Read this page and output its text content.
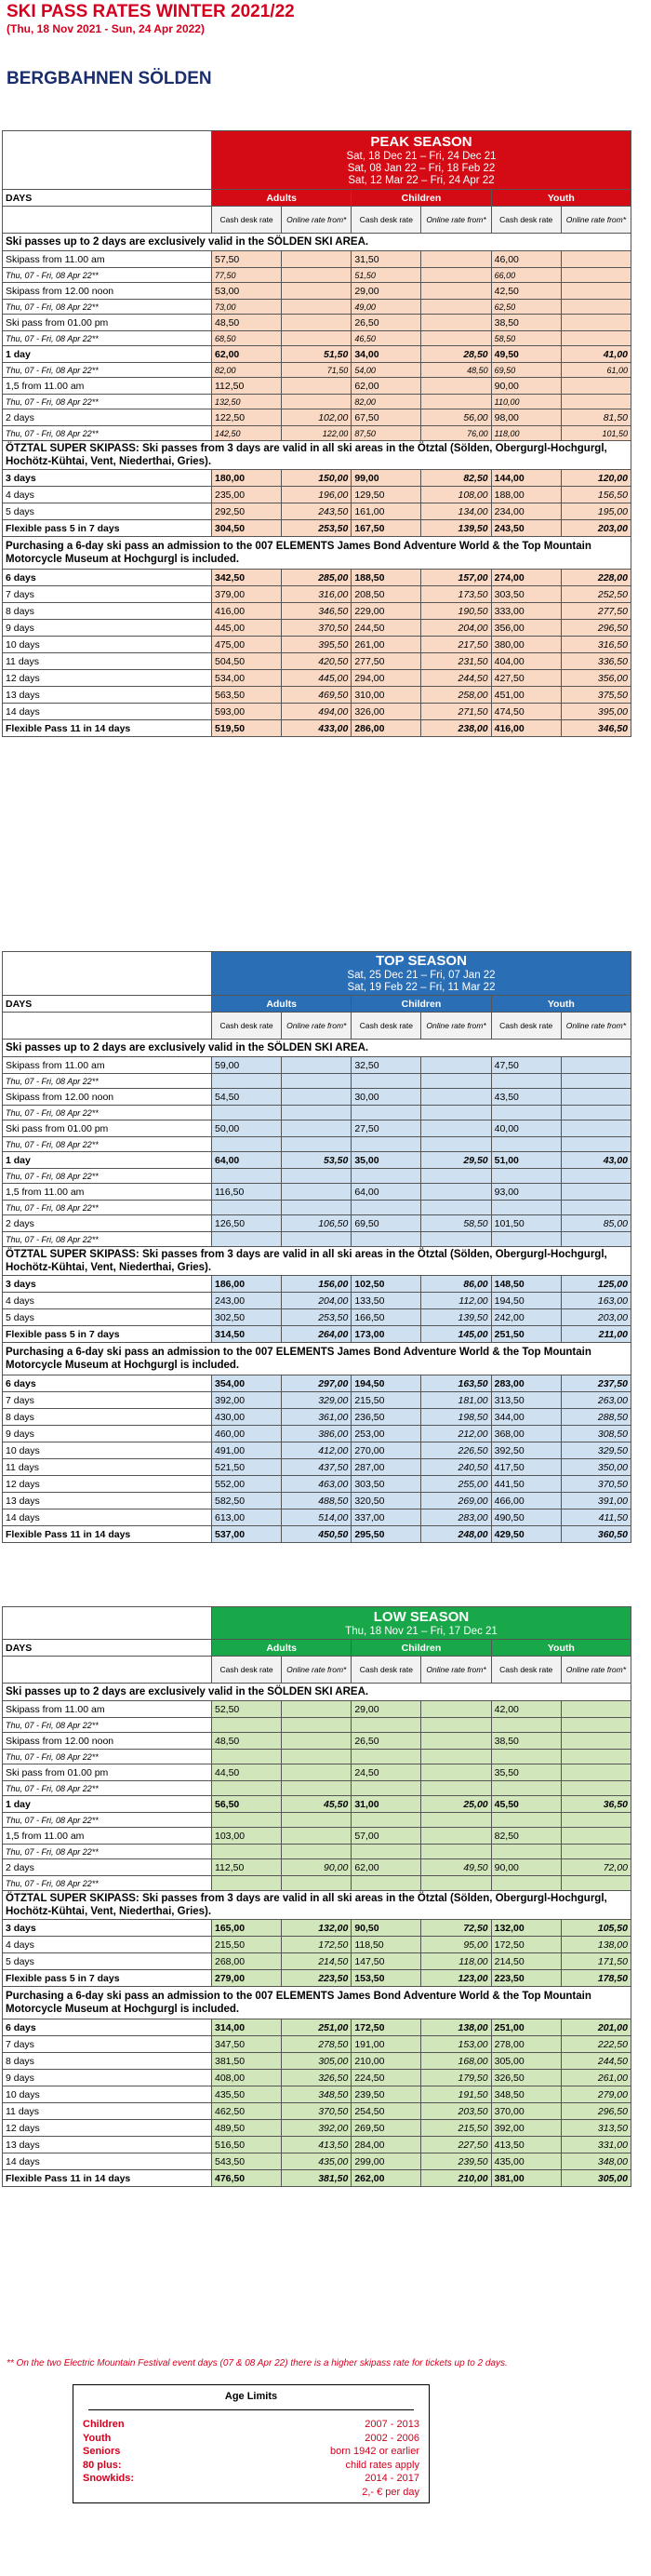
SKI PASS RATES WINTER 2021/22
(Thu, 18 Nov 2021 - Sun, 24 Apr 2022)
BERGBAHNEN SÖLDEN

	PEAK SEASON
Sat, 18 Dec 21 – Fri, 24 Dec 21
Sat, 08 Jan 22 – Fri, 18 Feb 22
Sat, 12 Mar 22 – Fri, 24 Apr 22					

DAYS	Adults		Children		Youth	
	Cash desk rate	Online rate from*	Cash desk rate	Online rate from*	Cash desk rate	Online rate from*
Ski passes up to 2 days are exclusively valid in the SÖLDEN SKI AREA.						
Skipass from 11.00 am	57,50		31,50		46,00	
Thu, 07 - Fri, 08 Apr 22**	77,50		51,50		66,00	
Skipass from 12.00 noon	53,00		29,00		42,50	
Thu, 07 - Fri, 08 Apr 22**	73,00		49,00		62,50	
Ski pass from 01.00 pm	48,50		26,50		38,50	
Thu, 07 - Fri, 08 Apr 22**	68,50		46,50		58,50	
1 day	62,00	51,50	34,00	28,50	49,50	41,00
Thu, 07 - Fri, 08 Apr 22**	82,00	71,50	54,00	48,50	69,50	61,00
1,5 from 11.00 am	112,50		62,00		90,00	
Thu, 07 - Fri, 08 Apr 22**	132,50		82,00		110,00	
2 days	122,50	102,00	67,50	56,00	98,00	81,50
Thu, 07 - Fri, 08 Apr 22**	142,50	122,00	87,50	76,00	118,00	101,50
ÖTZTAL SUPER SKIPASS: Ski passes from 3 days are valid in all ski areas in the Ötztal (Sölden, Obergurgl-Hochgurgl, Hochötz-Kühtai, Vent, Niederthai, Gries).						
3 days	180,00	150,00	99,00	82,50	144,00	120,00
4 days	235,00	196,00	129,50	108,00	188,00	156,50
5 days	292,50	243,50	161,00	134,00	234,00	195,00
Flexible pass 5 in 7 days	304,50	253,50	167,50	139,50	243,50	203,00
Purchasing a 6-day ski pass an admission to the 007 ELEMENTS James Bond Adventure World & the Top Mountain Motorcycle Museum at Hochgurgl is included.						
6 days	342,50	285,00	188,50	157,00	274,00	228,00
7 days	379,00	316,00	208,50	173,50	303,50	252,50
8 days	416,00	346,50	229,00	190,50	333,00	277,50
9 days	445,00	370,50	244,50	204,00	356,00	296,50
10 days	475,00	395,50	261,00	217,50	380,00	316,50
11 days	504,50	420,50	277,50	231,50	404,00	336,50
12 days	534,00	445,00	294,00	244,50	427,50	356,00
13 days	563,50	469,50	310,00	258,00	451,00	375,50
14 days	593,00	494,00	326,00	271,50	474,50	395,00
Flexible Pass 11 in 14 days	519,50	433,00	286,00	238,00	416,00	346,50

	TOP SEASON
Sat, 25 Dec 21 – Fri, 07 Jan 22
Sat, 19 Feb 22 – Fri, 11 Mar 22					

DAYS	Adults		Children		Youth	
	Cash desk rate	Online rate from*	Cash desk rate	Online rate from*	Cash desk rate	Online rate from*
Ski passes up to 2 days are exclusively valid in the SÖLDEN SKI AREA.						
Skipass from 11.00 am	59,00		32,50		47,50	
Thu, 07 - Fri, 08 Apr 22**						
Skipass from 12.00 noon	54,50		30,00		43,50	
Thu, 07 - Fri, 08 Apr 22**						
Ski pass from 01.00 pm	50,00		27,50		40,00	
Thu, 07 - Fri, 08 Apr 22**						
1 day	64,00	53,50	35,00	29,50	51,00	43,00
Thu, 07 - Fri, 08 Apr 22**						
1,5 from 11.00 am	116,50		64,00		93,00	
Thu, 07 - Fri, 08 Apr 22**						
2 days	126,50	106,50	69,50	58,50	101,50	85,00
Thu, 07 - Fri, 08 Apr 22**						
ÖTZTAL SUPER SKIPASS: Ski passes from 3 days are valid in all ski areas in the Ötztal (Sölden, Obergurgl-Hochgurgl, Hochötz-Kühtai, Vent, Niederthai, Gries).						
3 days	186,00	156,00	102,50	86,00	148,50	125,00
4 days	243,00	204,00	133,50	112,00	194,50	163,00
5 days	302,50	253,50	166,50	139,50	242,00	203,00
Flexible pass 5 in 7 days	314,50	264,00	173,00	145,00	251,50	211,00
Purchasing a 6-day ski pass an admission to the 007 ELEMENTS James Bond Adventure World & the Top Mountain Motorcycle Museum at Hochgurgl is included.						
6 days	354,00	297,00	194,50	163,50	283,00	237,50
7 days	392,00	329,00	215,50	181,00	313,50	263,00
8 days	430,00	361,00	236,50	198,50	344,00	288,50
9 days	460,00	386,00	253,00	212,00	368,00	308,50
10 days	491,00	412,00	270,00	226,50	392,50	329,50
11 days	521,50	437,50	287,00	240,50	417,50	350,00
12 days	552,00	463,00	303,50	255,00	441,50	370,50
13 days	582,50	488,50	320,50	269,00	466,00	391,00
14 days	613,00	514,00	337,00	283,00	490,50	411,50
Flexible Pass 11 in 14 days	537,00	450,50	295,50	248,00	429,50	360,50

	LOW SEASON
Thu, 18 Nov 21 – Fri, 17 Dec 21					

DAYS	Adults		Children		Youth	
	Cash desk rate	Online rate from*	Cash desk rate	Online rate from*	Cash desk rate	Online rate from*
Ski passes up to 2 days are exclusively valid in the SÖLDEN SKI AREA.						
Skipass from 11.00 am	52,50		29,00		42,00	
Thu, 07 - Fri, 08 Apr 22**						
Skipass from 12.00 noon	48,50		26,50		38,50	
Thu, 07 - Fri, 08 Apr 22**						
Ski pass from 01.00 pm	44,50		24,50		35,50	
Thu, 07 - Fri, 08 Apr 22**						
1 day	56,50	45,50	31,00	25,00	45,50	36,50
Thu, 07 - Fri, 08 Apr 22**						
1,5 from 11.00 am	103,00		57,00		82,50	
Thu, 07 - Fri, 08 Apr 22**						
2 days	112,50	90,00	62,00	49,50	90,00	72,00
Thu, 07 - Fri, 08 Apr 22**						
ÖTZTAL SUPER SKIPASS: Ski passes from 3 days are valid in all ski areas in the Ötztal (Sölden, Obergurgl-Hochgurgl, Hochötz-Kühtai, Vent, Niederthai, Gries).						
3 days	165,00	132,00	90,50	72,50	132,00	105,50
4 days	215,50	172,50	118,50	95,00	172,50	138,00
5 days	268,00	214,50	147,50	118,00	214,50	171,50
Flexible pass 5 in 7 days	279,00	223,50	153,50	123,00	223,50	178,50
Purchasing a 6-day ski pass an admission to the 007 ELEMENTS James Bond Adventure World & the Top Mountain Motorcycle Museum at Hochgurgl is included.						
6 days	314,00	251,00	172,50	138,00	251,00	201,00
7 days	347,50	278,50	191,00	153,00	278,00	222,50
8 days	381,50	305,00	210,00	168,00	305,00	244,50
9 days	408,00	326,50	224,50	179,50	326,50	261,00
10 days	435,50	348,50	239,50	191,50	348,50	279,00
11 days	462,50	370,50	254,50	203,50	370,00	296,50
12 days	489,50	392,00	269,50	215,50	392,00	313,50
13 days	516,50	413,50	284,00	227,50	413,50	331,00
14 days	543,50	435,00	299,00	239,50	435,00	348,00
Flexible Pass 11 in 14 days	476,50	381,50	262,00	210,00	381,00	305,00
** On the two Electric Mountain Festival event days (07 & 08 Apr 22) there is a higher skipass rate for tickets up to 2 days.
Age Limits
Children	2007 - 2013
Youth	2002 - 2006
Seniors	born 1942 or earlier
80 plus:	child rates apply
Snowkids:	2014 - 2017
2,- € per day
